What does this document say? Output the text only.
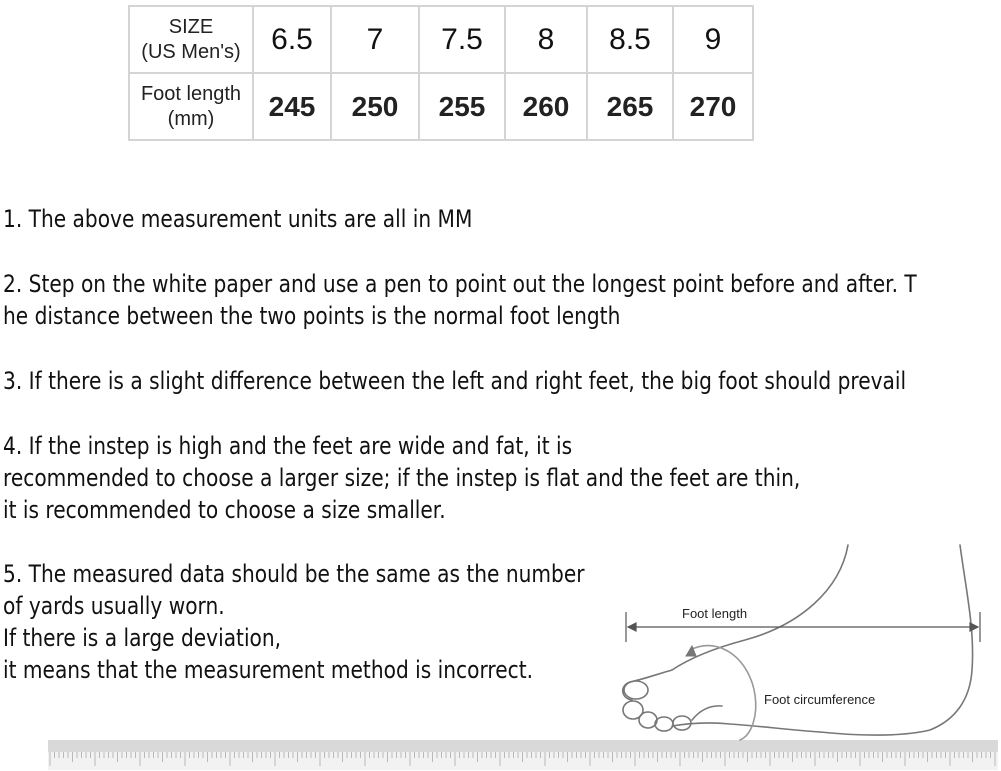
SIZE
(US Men's)	6.5	7	7.5	8	8.5	9

Foot length
(mm)	245	250	255	260	265	270

1. The above measurement units are all in MM

2. Step on the white paper and use a pen to point out the longest point before and after. T
he distance between the two points is the normal foot length

3. If there is a slight difference between the left and right feet, the big foot should prevail

4. If the instep is high and the feet are wide and fat, it is
recommended to choose a larger size; if the instep is flat and the feet are thin,
it is recommended to choose a size smaller.

5. The measured data should be the same as the number
of yards usually worn.
If there is a large deviation,
it means that the measurement method is incorrect.

Foot length
Foot circumference
